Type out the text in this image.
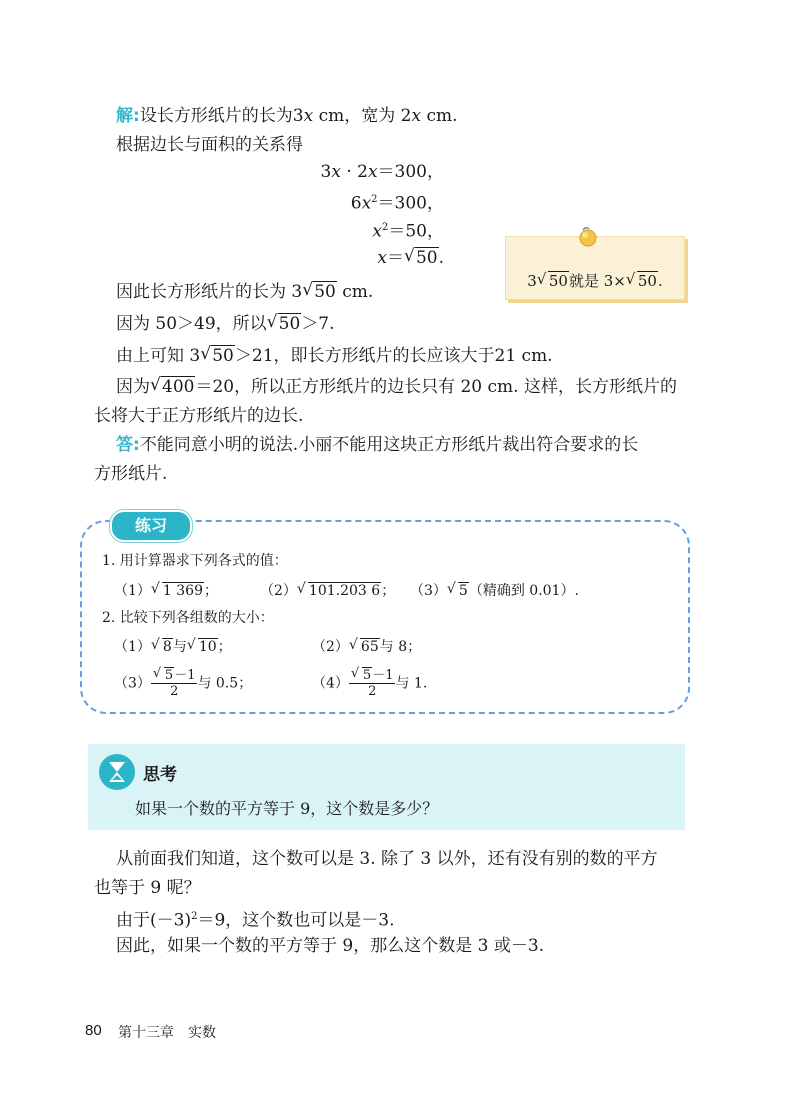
解:设长方形纸片的长为3x cm，宽为 2x cm.
根据边长与面积的关系得
3x · 2x＝300，
$6x^2=300$，
$x^2=50$，
x＝ √ 50.
因此长方形纸片的长为 3 √ 50 cm.
因为 50＞49，所以 √ 50＞7.
由上可知 3 √ 50＞21，即长方形纸片的长应该大于21 cm.
因为 √ 400＝20，所以正方形纸片的边长只有 20 cm. 这样，长方形纸片的
长将大于正方形纸片的边长.
答:不能同意小明的说法.小丽不能用这块正方形纸片裁出符合要求的长
方形纸片.
3 √ 50就是 3× √ 50.
练习
1. 用计算器求下列各式的值：
（1） √ 1 369；	（2） √ 101.203 6； （3） √ 5（精确到 0.01）.
2. 比较下列各组数的大小：
（1） √ 8与 √ 10；	（2） √ 65与 8；
（3） √ $\frac{5-1}{2}$ 与 0.5；	（4） √ $\frac{5-1}{2}$ 与 1.
思考
如果一个数的平方等于 9，这个数是多少？
从前面我们知道，这个数可以是 3. 除了 3 以外，还有没有别的数的平方
也等于 9 呢？
由于$(-3)^2=9$，这个数也可以是－3.
因此，如果一个数的平方等于 9，那么这个数是 3 或－3.
80 第十三章　实数
